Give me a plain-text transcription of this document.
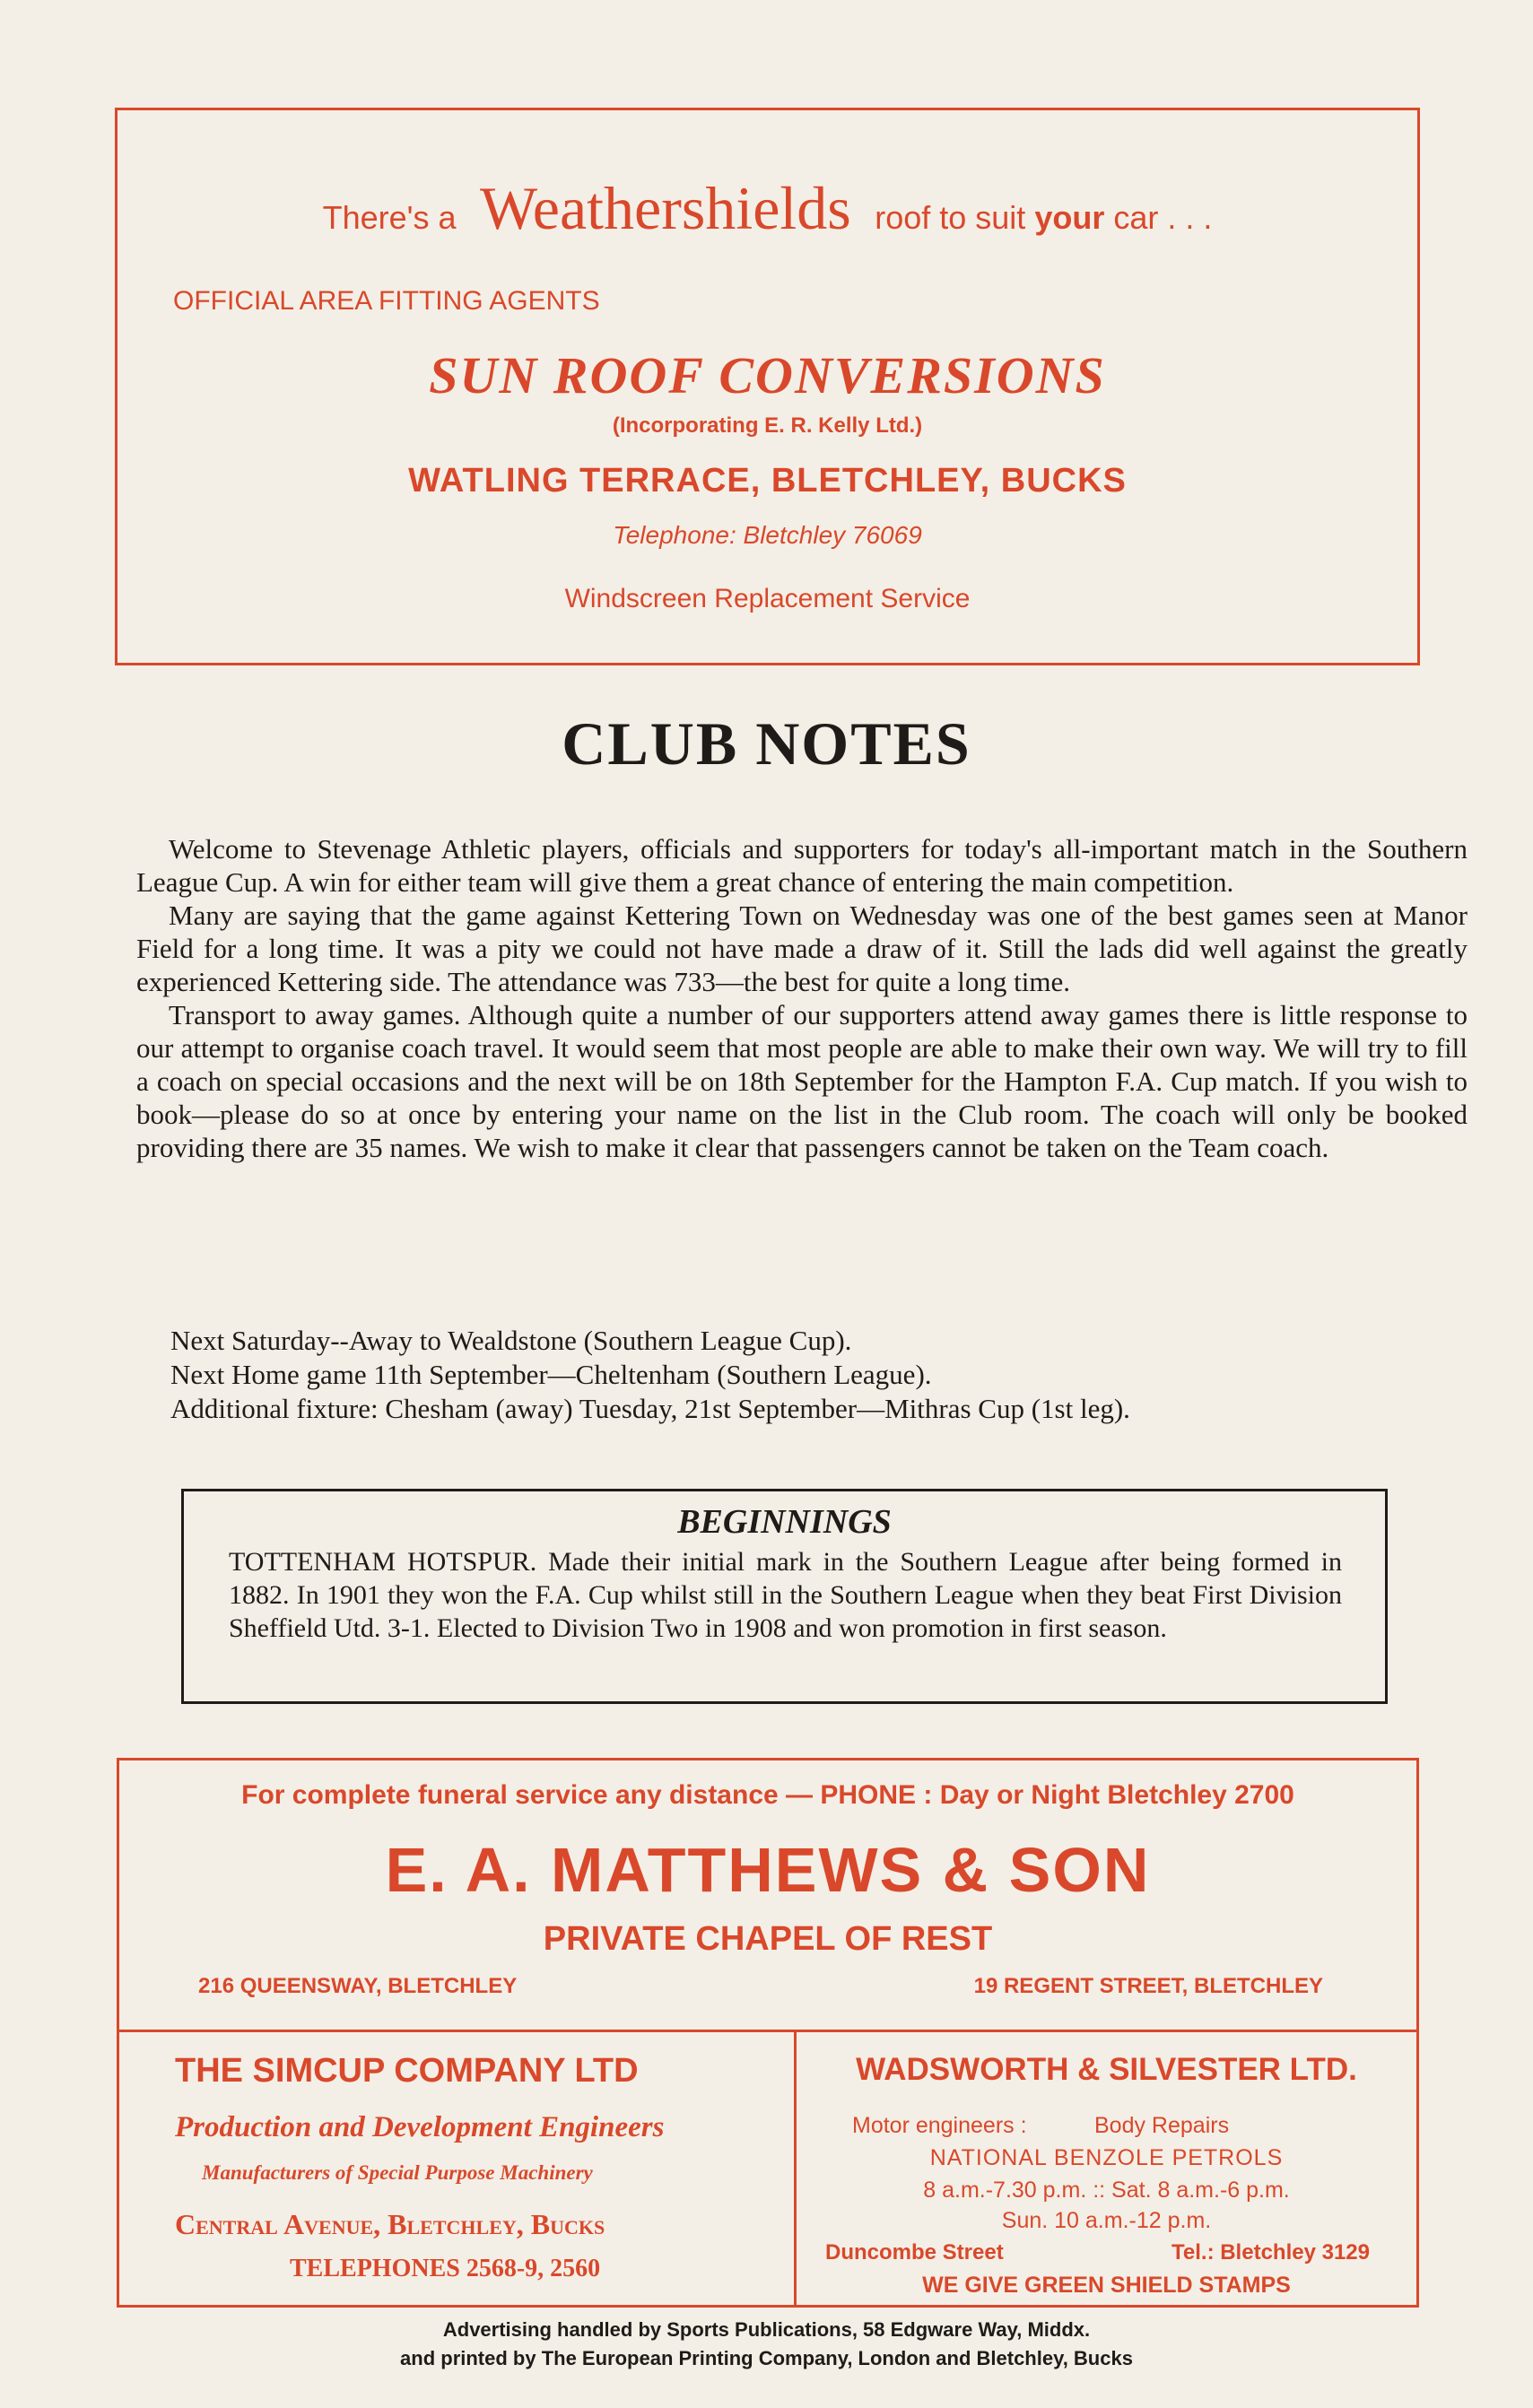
There's a Weathershields roof to suit your car . . .
OFFICIAL AREA FITTING AGENTS
SUN ROOF CONVERSIONS
(Incorporating E. R. Kelly Ltd.)
WATLING TERRACE, BLETCHLEY, BUCKS
Telephone: Bletchley 76069
Windscreen Replacement Service
CLUB NOTES

Welcome to Stevenage Athletic players, officials and supporters for today's all-important match in the Southern League Cup. A win for either team will give them a great chance of entering the main competition.

Many are saying that the game against Kettering Town on Wednesday was one of the best games seen at Manor Field for a long time. It was a pity we could not have made a draw of it. Still the lads did well against the greatly experienced Kettering side. The attendance was 733—the best for quite a long time.

Transport to away games. Although quite a number of our supporters attend away games there is little response to our attempt to organise coach travel. It would seem that most people are able to make their own way. We will try to fill a coach on special occasions and the next will be on 18th September for the Hampton F.A. Cup match. If you wish to book—please do so at once by entering your name on the list in the Club room. The coach will only be booked providing there are 35 names. We wish to make it clear that passengers cannot be taken on the Team coach.

Next Saturday--Away to Wealdstone (Southern League Cup).
Next Home game 11th September—Cheltenham (Southern League).
Additional fixture: Chesham (away) Tuesday, 21st September—Mithras Cup (1st leg).
BEGINNINGS
TOTTENHAM HOTSPUR. Made their initial mark in the Southern League after being formed in 1882. In 1901 they won the F.A. Cup whilst still in the Southern League when they beat First Division Sheffield Utd. 3-1. Elected to Division Two in 1908 and won promotion in first season.
For complete funeral service any distance — PHONE : Day or Night Bletchley 2700
E. A. MATTHEWS & SON
PRIVATE CHAPEL OF REST
216 QUEENSWAY, BLETCHLEY	19 REGENT STREET, BLETCHLEY
THE SIMCUP COMPANY LTD
Production and Development Engineers
Manufacturers of Special Purpose Machinery
Central Avenue, Bletchley, Bucks
TELEPHONES 2568-9, 2560
WADSWORTH & SILVESTER LTD.
Motor engineers :	Body Repairs
NATIONAL BENZOLE PETROLS
8 a.m.-7.30 p.m. :: Sat. 8 a.m.-6 p.m.
Sun. 10 a.m.-12 p.m.
Duncombe Street	Tel.: Bletchley 3129
WE GIVE GREEN SHIELD STAMPS
Advertising handled by Sports Publications, 58 Edgware Way, Middx.
and printed by The European Printing Company, London and Bletchley, Bucks
